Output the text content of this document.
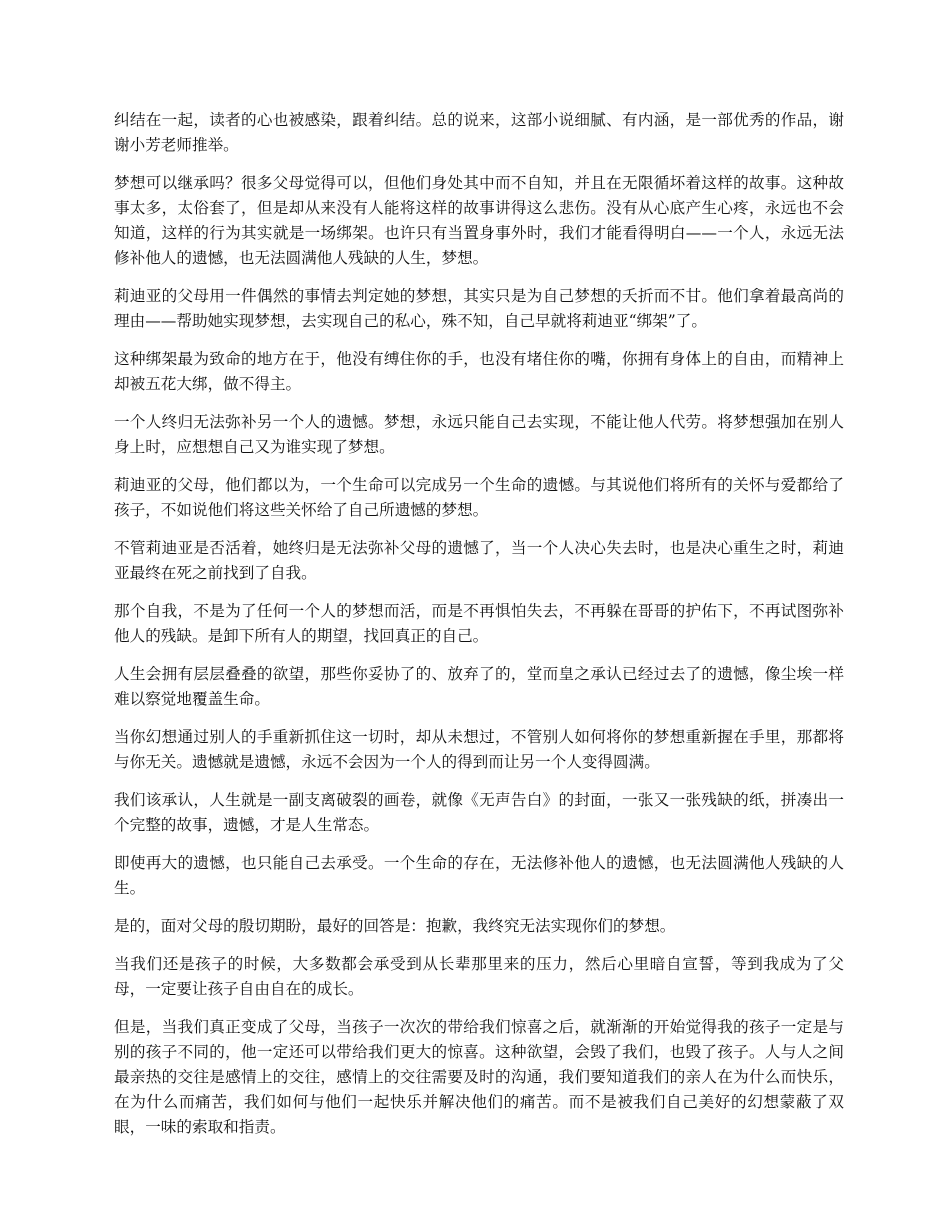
纠结在一起，读者的心也被感染，跟着纠结。总的说来，这部小说细腻、有内涵，是一部优秀的作品，谢谢小芳老师推举。

梦想可以继承吗？很多父母觉得可以，但他们身处其中而不自知，并且在无限循坏着这样的故事。这种故事太多，太俗套了，但是却从来没有人能将这样的故事讲得这么悲伤。没有从心底产生心疼，永远也不会知道，这样的行为其实就是一场绑架。也许只有当置身事外时，我们才能看得明白——一个人，永远无法修补他人的遗憾，也无法圆满他人残缺的人生，梦想。

莉迪亚的父母用一件偶然的事情去判定她的梦想，其实只是为自己梦想的夭折而不甘。他们拿着最高尚的理由——帮助她实现梦想，去实现自己的私心，殊不知，自己早就将莉迪亚“绑架”了。

这种绑架最为致命的地方在于，他没有缚住你的手，也没有堵住你的嘴，你拥有身体上的自由，而精神上却被五花大绑，做不得主。

一个人终归无法弥补另一个人的遗憾。梦想，永远只能自己去实现，不能让他人代劳。将梦想强加在别人身上时，应想想自己又为谁实现了梦想。

莉迪亚的父母，他们都以为，一个生命可以完成另一个生命的遗憾。与其说他们将所有的关怀与爱都给了孩子，不如说他们将这些关怀给了自己所遗憾的梦想。

不管莉迪亚是否活着，她终归是无法弥补父母的遗憾了，当一个人决心失去时，也是决心重生之时，莉迪亚最终在死之前找到了自我。

那个自我，不是为了任何一个人的梦想而活，而是不再惧怕失去，不再躲在哥哥的护佑下，不再试图弥补他人的残缺。是卸下所有人的期望，找回真正的自己。

人生会拥有层层叠叠的欲望，那些你妥协了的、放弃了的，堂而皇之承认已经过去了的遗憾，像尘埃一样难以察觉地覆盖生命。

当你幻想通过别人的手重新抓住这一切时，却从未想过，不管别人如何将你的梦想重新握在手里，那都将与你无关。遗憾就是遗憾，永远不会因为一个人的得到而让另一个人变得圆满。

我们该承认，人生就是一副支离破裂的画卷，就像《无声告白》的封面，一张又一张残缺的纸，拼凑出一个完整的故事，遗憾，才是人生常态。

即使再大的遗憾，也只能自己去承受。一个生命的存在，无法修补他人的遗憾，也无法圆满他人残缺的人生。

是的，面对父母的殷切期盼，最好的回答是：抱歉，我终究无法实现你们的梦想。

当我们还是孩子的时候，大多数都会承受到从长辈那里来的压力，然后心里暗自宣誓，等到我成为了父母，一定要让孩子自由自在的成长。

但是，当我们真正变成了父母，当孩子一次次的带给我们惊喜之后，就渐渐的开始觉得我的孩子一定是与别的孩子不同的，他一定还可以带给我们更大的惊喜。这种欲望，会毁了我们，也毁了孩子。人与人之间最亲热的交往是感情上的交往，感情上的交往需要及时的沟通，我们要知道我们的亲人在为什么而快乐，在为什么而痛苦，我们如何与他们一起快乐并解决他们的痛苦。而不是被我们自己美好的幻想蒙蔽了双眼，一味的索取和指责。
